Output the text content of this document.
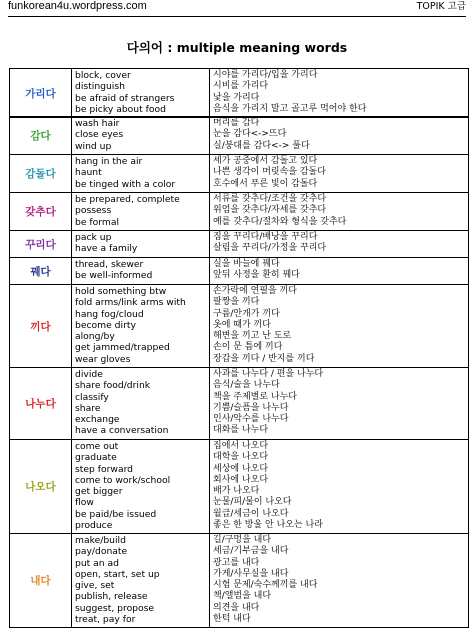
funkorean4u.wordpress.com	TOPIK 고급
다의어 : multiple meaning words
가리다
block, cover
distinguish
be afraid of strangers
be picky about food
시야를 가리다/입을 가리다
시비를 가리다
낯을 가리다
음식을 가리지 말고 골고루 먹어야 한다
감다
wash hair
close eyes
wind up
머리를 감다
눈을 감다<->뜨다
실/붕대를 감다<-> 풀다
감돌다
hang in the air
haunt
be tinged with a color
세가 공중에서 감돌고 있다
나쁜 생각이 머릿속을 감돌다
호수에서 푸른 빛이 감돌다
갖추다
be prepared, complete
possess
be formal
서류를 갖추다/조건을 갖추다
위엄을 갖추다/자세를 갖추다
예를 갖추다/절차와 형식을 갖추다
꾸리다
pack up
have a family
짐을 꾸리다/배낭을 꾸리다
살림을 꾸리다/가정을 꾸리다
꿰다
thread, skewer
be well-informed
실을 바늘에 꿰다
앞뒤 사정을 환히 꿰다
끼다
hold something btw
fold arms/link arms with
hang fog/cloud
become dirty
along/by
get jammed/trapped
wear gloves
손가락에 연필을 끼다
팔짱을 끼다
구름/안개가 끼다
옷에 때가 끼다
해변을 끼고 난 도로
손이 문 틈에 끼다
장갑을 끼다 / 반지를 끼다
나누다
divide
share food/drink
classify
share
exchange
have a conversation
사과를 나누다 / 편을 나누다
음식/술을 나누다
책을 주제별로 나누다
기쁨/슬픔을 나누다
인사/악수를 나누다
대화를 나누다
나오다
come out
graduate
step forward
come to work/school
get bigger
flow
be paid/be issued
produce
집에서 나오다
대학을 나오다
세상에 나오다
회사에 나오다
배가 나오다
눈물/피/물이 나오다
월급/세금이 나오다
좋은 한 방울 안 나오는 나라
내다
make/build
pay/donate
put an ad
open, start, set up
give, set
publish, release
suggest, propose
treat, pay for
길/구멍을 내다
세금/기부금을 내다
광고를 내다
가게/사무실을 내다
시험 문제/숙수께끼를 내다
책/앨범을 내다
의견을 내다
한턱 내다
